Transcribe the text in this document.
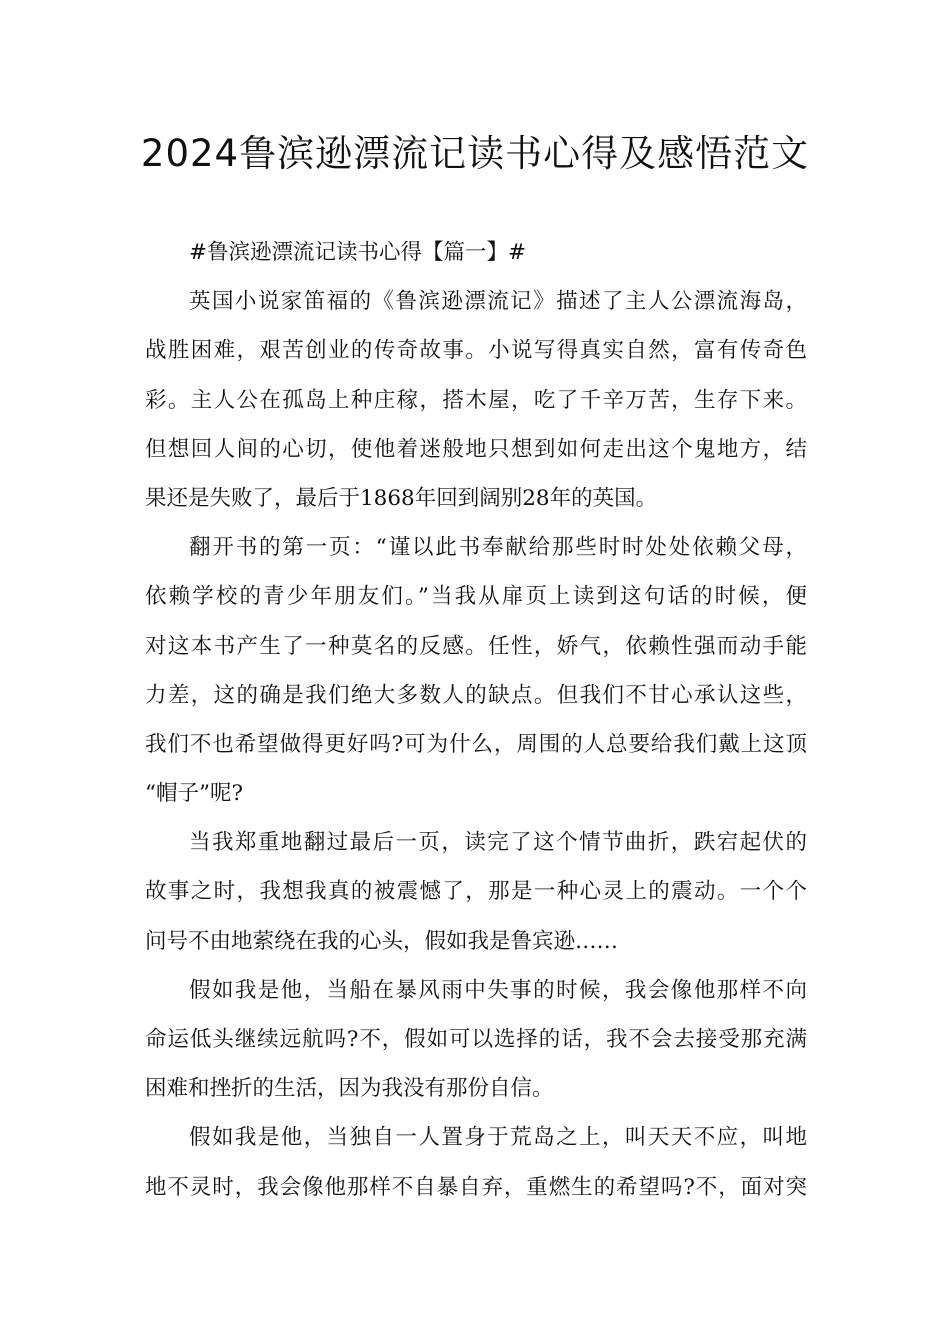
2024鲁滨逊漂流记读书心得及感悟范文
#鲁滨逊漂流记读书心得【篇一】#
英国小说家笛福的《鲁滨逊漂流记》描述了主人公漂流海岛，
战胜困难，艰苦创业的传奇故事。小说写得真实自然，富有传奇色
彩。主人公在孤岛上种庄稼，搭木屋，吃了千辛万苦，生存下来。
但想回人间的心切，使他着迷般地只想到如何走出这个鬼地方，结
果还是失败了，最后于1868年回到阔别28年的英国。
翻开书的第一页：“谨以此书奉献给那些时时处处依赖父母，
依赖学校的青少年朋友们。”当我从扉页上读到这句话的时候，便
对这本书产生了一种莫名的反感。任性，娇气，依赖性强而动手能
力差，这的确是我们绝大多数人的缺点。但我们不甘心承认这些，
我们不也希望做得更好吗?可为什么，周围的人总要给我们戴上这顶
“帽子”呢?
当我郑重地翻过最后一页，读完了这个情节曲折，跌宕起伏的
故事之时，我想我真的被震憾了，那是一种心灵上的震动。一个个
问号不由地萦绕在我的心头，假如我是鲁宾逊……
假如我是他，当船在暴风雨中失事的时候，我会像他那样不向
命运低头继续远航吗?不，假如可以选择的话，我不会去接受那充满
困难和挫折的生活，因为我没有那份自信。
假如我是他，当独自一人置身于荒岛之上，叫天天不应，叫地
地不灵时，我会像他那样不自暴自弃，重燃生的希望吗?不，面对突
